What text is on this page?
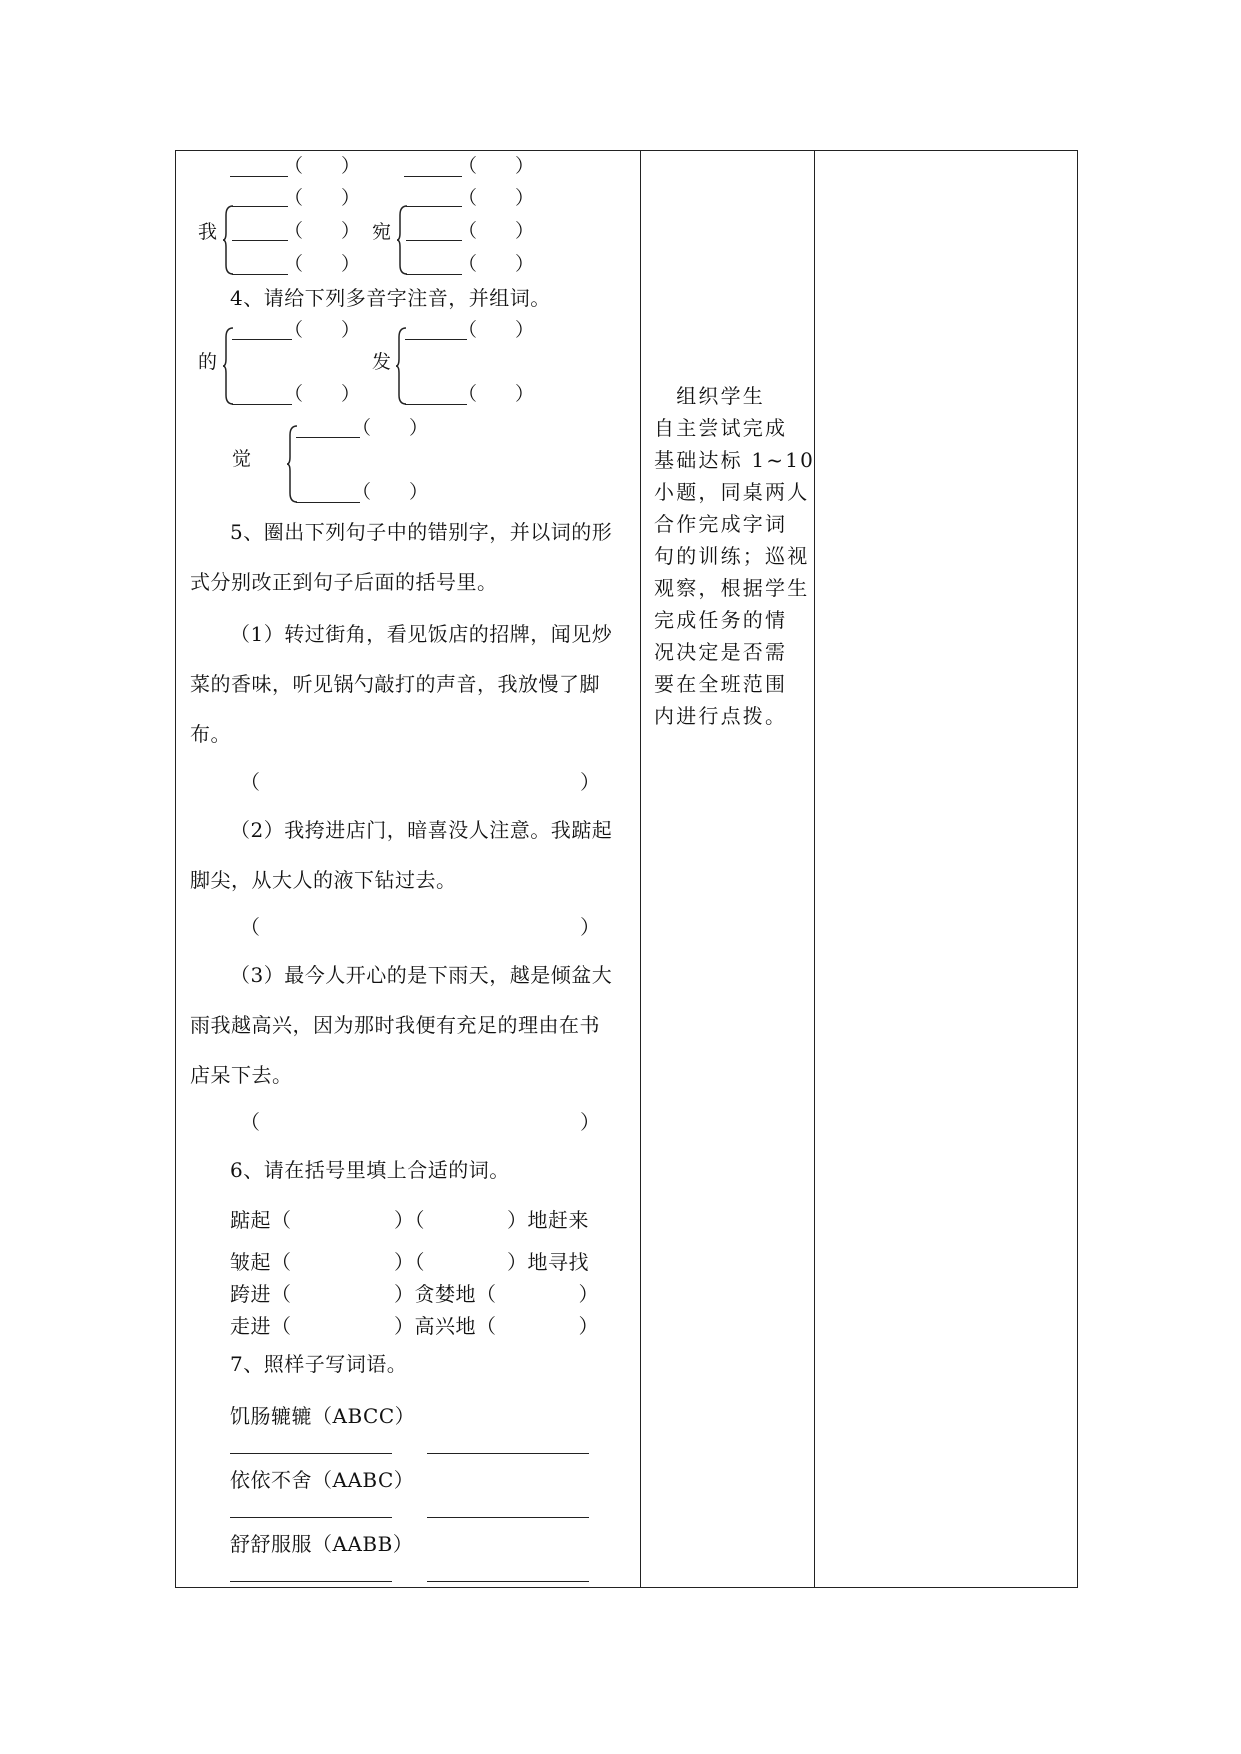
（　　）	（　　）
我
（　　）
（　　）
（　　）
宛
（　　）
（　　）
（　　）
4、请给下列多音字注音，并组词。
的
（　　）
（　　）
发
（　　）
（　　）
觉
（　　）
（　　）
5、圈出下列句子中的错别字，并以词的形
式分别改正到句子后面的括号里。
（1）转过街角，看见饭店的招牌，闻见炒
菜的香味，听见锅勺敲打的声音，我放慢了脚
布。
（	）
（2）我挎进店门，暗喜没人注意。我踮起
脚尖，从大人的液下钻过去。
（	）
（3）最今人开心的是下雨天，越是倾盆大
雨我越高兴，因为那时我便有充足的理由在书
店呆下去。
（	）
6、请在括号里填上合适的词。
踮起（　　　　　）（　　　　）地赶来
皱起（　　　　　）（　　　　）地寻找
跨进（　　　　　）贪婪地（　　　　）
走进（　　　　　）高兴地（　　　　）
7、照样子写词语。
饥肠辘辘（ABCC）
依依不舍（AABC）
舒舒服服（AABB）
　组织学生
自主尝试完成
基础达标 1~10
小题，同桌两人
合作完成字词
句的训练；巡视
观察，根据学生
完成任务的情
况决定是否需
要在全班范围
内进行点拨。
